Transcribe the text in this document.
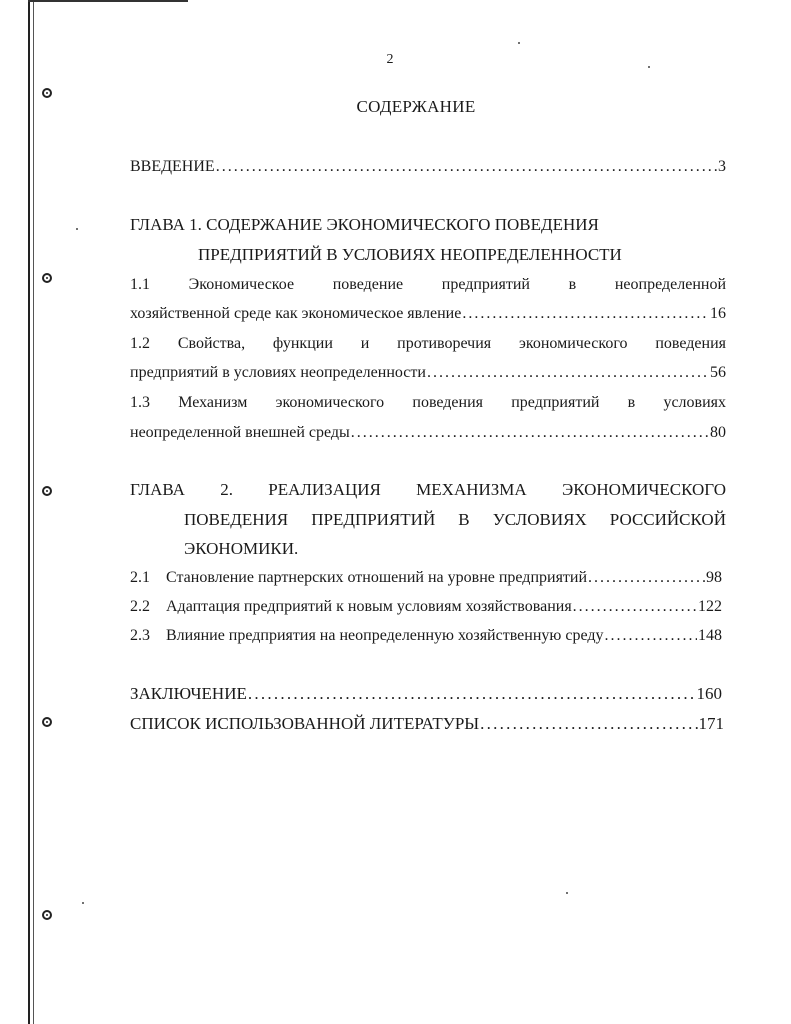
2
СОДЕРЖАНИЕ
ВВЕДЕНИЕ . . .	3
ГЛАВА 1. СОДЕРЖАНИЕ ЭКОНОМИЧЕСКОГО ПОВЕДЕНИЯ
ПРЕДПРИЯТИЙ В УСЛОВИЯХ НЕОПРЕДЕЛЕННОСТИ
1.1 Экономическое поведение предприятий в неопределенной
хозяйственной среде как экономическое явление . . .	16
1.2 Свойства, функции и противоречия экономического поведения
предприятий в условиях неопределенности . . .	56
1.3 Механизм экономического поведения предприятий в условиях
неопределенной внешней среды . . .	80
ГЛАВА 2. РЕАЛИЗАЦИЯ МЕХАНИЗМА ЭКОНОМИЧЕСКОГО
ПОВЕДЕНИЯ ПРЕДПРИЯТИЙ В УСЛОВИЯХ РОССИЙСКОЙ
ЭКОНОМИКИ.
2.1 Становление партнерских отношений на уровне предприятий . . .	98
2.2 Адаптация предприятий к новым условиям хозяйствования . . .	122
2.3 Влияние предприятия на неопределенную хозяйственную среду . . .	148
ЗАКЛЮЧЕНИЕ . . .	160
СПИСОК ИСПОЛЬЗОВАННОЙ ЛИТЕРАТУРЫ . . .	171
